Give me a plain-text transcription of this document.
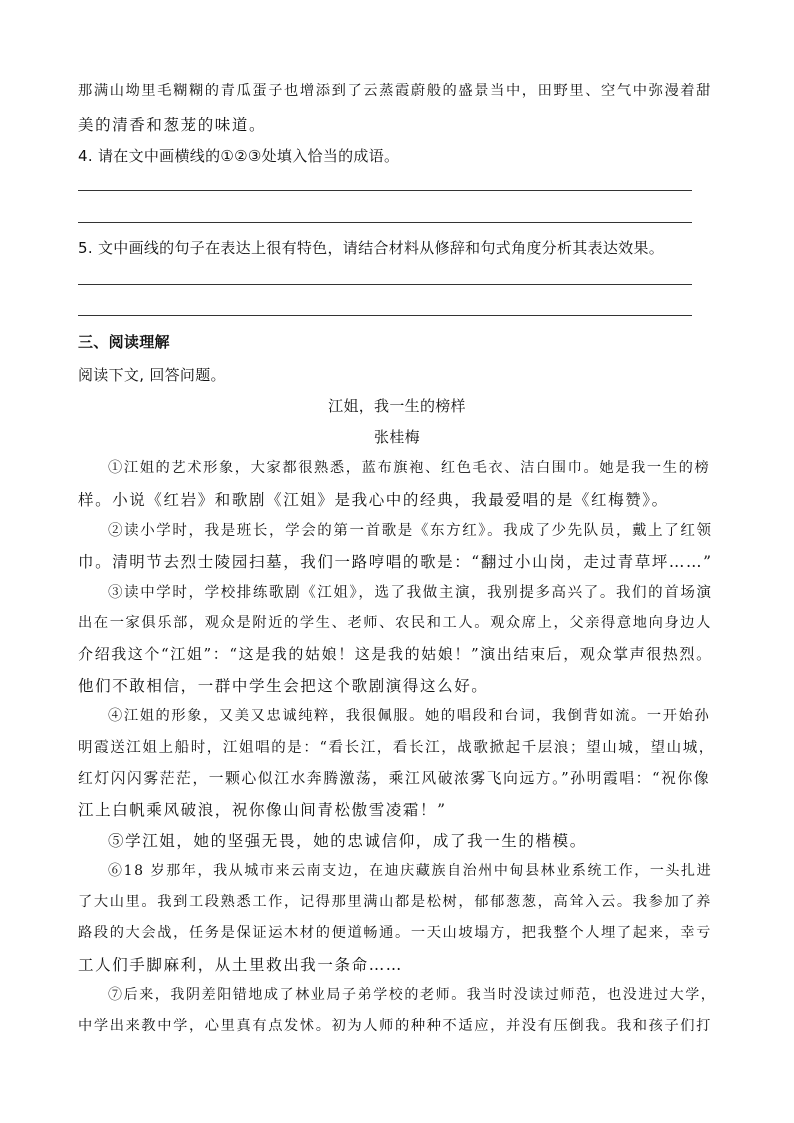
那满山坳里毛糊糊的青瓜蛋子也增添到了云蒸霞蔚般的盛景当中，田野里、空气中弥漫着甜
美的清香和葱茏的味道。
4. 请在文中画横线的①②③处填入恰当的成语。
5. 文中画线的句子在表达上很有特色，请结合材料从修辞和句式角度分析其表达效果。
三、阅读理解
阅读下文, 回答问题。
江姐，我一生的榜样
张桂梅
①江姐的艺术形象，大家都很熟悉，蓝布旗袍、红色毛衣、洁白围巾。她是我一生的榜
样。小说《红岩》和歌剧《江姐》是我心中的经典，我最爱唱的是《红梅赞》。
②读小学时，我是班长，学会的第一首歌是《东方红》。我成了少先队员，戴上了红领
巾。清明节去烈士陵园扫墓，我们一路哼唱的歌是：“翻过小山岗，走过青草坪……”
③读中学时，学校排练歌剧《江姐》，选了我做主演，我别提多高兴了。我们的首场演
出在一家俱乐部，观众是附近的学生、老师、农民和工人。观众席上，父亲得意地向身边人
介绍我这个“江姐”：“这是我的姑娘！这是我的姑娘！”演出结束后，观众掌声很热烈。
他们不敢相信，一群中学生会把这个歌剧演得这么好。
④江姐的形象，又美又忠诚纯粹，我很佩服。她的唱段和台词，我倒背如流。一开始孙
明霞送江姐上船时，江姐唱的是：“看长江，看长江，战歌掀起千层浪；望山城，望山城，
红灯闪闪雾茫茫，一颗心似江水奔腾激荡，乘江风破浓雾飞向远方。”孙明霞唱：“祝你像
江上白帆乘风破浪，祝你像山间青松傲雪凌霜！”
⑤学江姐，她的坚强无畏，她的忠诚信仰，成了我一生的楷模。
⑥18 岁那年，我从城市来云南支边，在迪庆藏族自治州中甸县林业系统工作，一头扎进
了大山里。我到工段熟悉工作，记得那里满山都是松树，郁郁葱葱，高耸入云。我参加了养
路段的大会战，任务是保证运木材的便道畅通。一天山坡塌方，把我整个人埋了起来，幸亏
工人们手脚麻利，从土里救出我一条命……
⑦后来，我阴差阳错地成了林业局子弟学校的老师。我当时没读过师范，也没进过大学，
中学出来教中学，心里真有点发怵。初为人师的种种不适应，并没有压倒我。我和孩子们打
